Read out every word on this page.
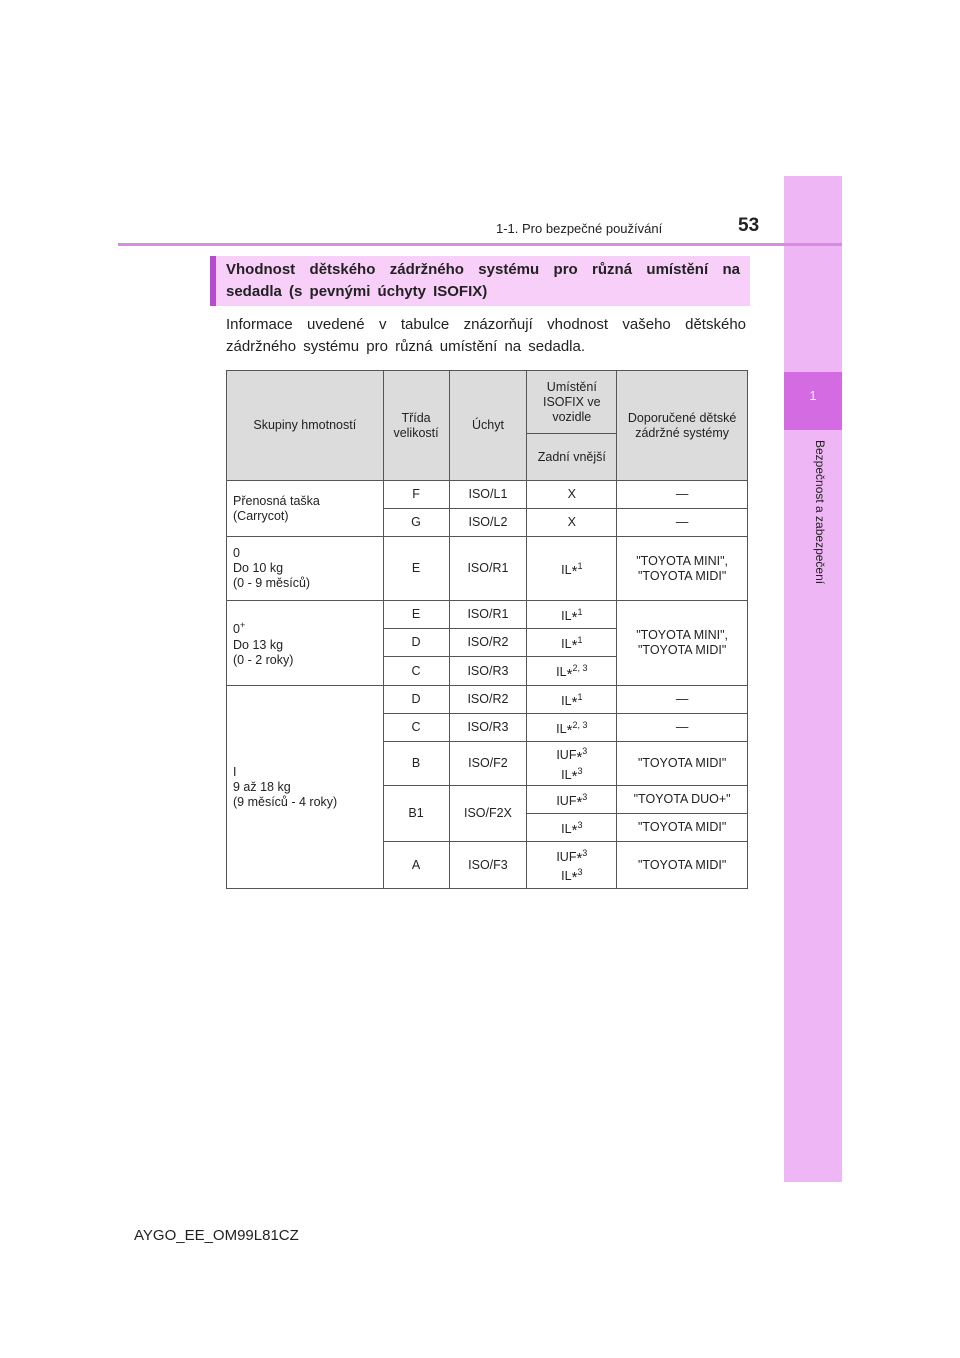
1
Bezpečnost a zabezpečení
1-1. Pro bezpečné používání	53
Vhodnost dětského zádržného systému pro různá umístění na sedadla (s pevnými úchyty ISOFIX)
Informace uvedené v tabulce znázorňují vhodnost vašeho dětského zádržného systému pro různá umístění na sedadla.
Skupiny hmotností	Třída velikostí	Úchyt	Umístění ISOFIX ve vozidle	Doporučené dětské zádržné systémy
			Zadní vnější	
Přenosná taška
(Carrycot)	F	ISO/L1	X	—
	G	ISO/L2	X	—
0
Do 10 kg
(0 - 9 měsíců)	E	ISO/R1	IL*$^1$	"TOYOTA MINI",
"TOYOTA MIDI"
0+
Do 13 kg
(0 - 2 roky)	E	ISO/R1	IL*$^1$	"TOYOTA MINI",
"TOYOTA MIDI"
	D	ISO/R2	IL*$^1$
	C	ISO/R3	IL*$^{2, 3}$
I
9 až 18 kg
(9 měsíců - 4 roky)	D	ISO/R2	IL*$^1$	—
	C	ISO/R3	IL*$^{2, 3}$	—
	B	ISO/F2	IUF*$^3$
IL*$^3$	"TOYOTA MIDI"
	B1	ISO/F2X	IUF*$^3$	"TOYOTA DUO+"
			IL*$^3$	"TOYOTA MIDI"
	A	ISO/F3	IUF*$^3$
IL*$^3$	"TOYOTA MIDI"
AYGO_EE_OM99L81CZ
